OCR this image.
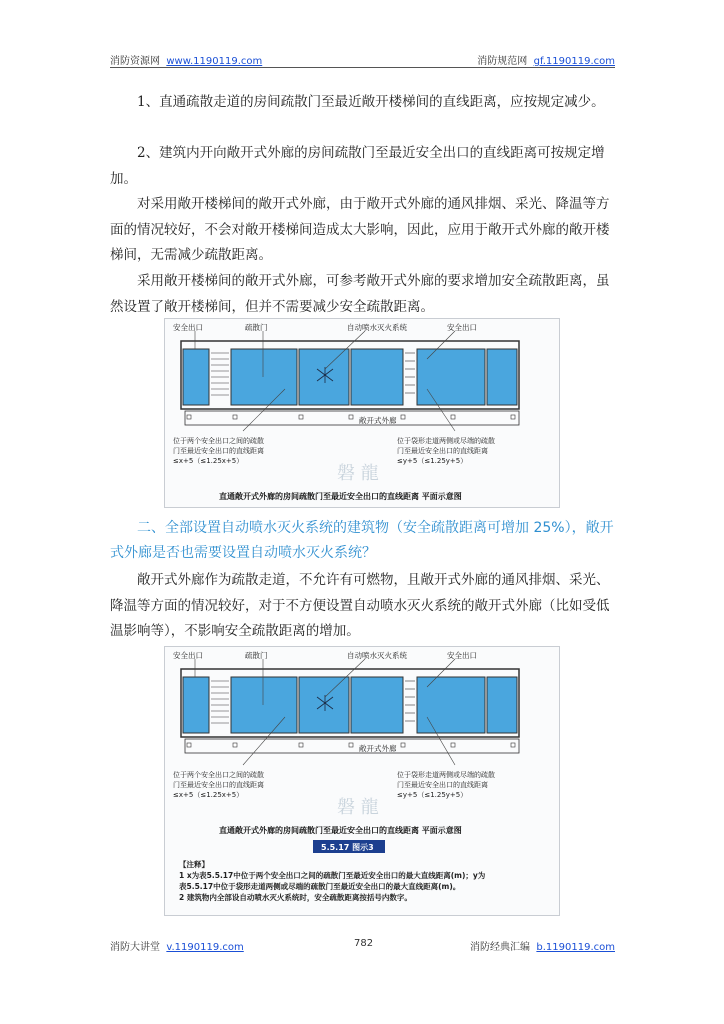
消防资源网 www.1190119.com	消防规范网 gf.1190119.com
1、直通疏散走道的房间疏散门至最近敞开楼梯间的直线距离，应按规定减少。
2、建筑内开向敞开式外廊的房间疏散门至最近安全出口的直线距离可按规定增加。
对采用敞开楼梯间的敞开式外廊，由于敞开式外廊的通风排烟、采光、降温等方面的情况较好，不会对敞开楼梯间造成太大影响，因此，应用于敞开式外廊的敞开楼梯间，无需减少疏散距离。
采用敞开楼梯间的敞开式外廊，可参考敞开式外廊的要求增加安全疏散距离，虽然设置了敞开楼梯间，但并不需要减少安全疏散距离。
安全出口	疏散门	自动喷水灭火系统	安全出口
敞开式外廊
位于两个安全出口之间的疏散
门至最近安全出口的直线距离
≤x+5（≤1.25x+5）
位于袋形走道两侧或尽端的疏散
门至最近安全出口的直线距离
≤y+5（≤1.25y+5）
磐 龍
直通敞开式外廊的房间疏散门至最近安全出口的直线距离 平面示意图
二、全部设置自动喷水灭火系统的建筑物（安全疏散距离可增加 25%），敞开式外廊是否也需要设置自动喷水灭火系统？
敞开式外廊作为疏散走道，不允许有可燃物，且敞开式外廊的通风排烟、采光、降温等方面的情况较好，对于不方便设置自动喷水灭火系统的敞开式外廊（比如受低温影响等），不影响安全疏散距离的增加。
安全出口	疏散门	自动喷水灭火系统	安全出口
敞开式外廊
位于两个安全出口之间的疏散
门至最近安全出口的直线距离
≤x+5（≤1.25x+5）
位于袋形走道两侧或尽端的疏散
门至最近安全出口的直线距离
≤y+5（≤1.25y+5）
磐 龍
直通敞开式外廊的房间疏散门至最近安全出口的直线距离 平面示意图
5.5.17 图示3
【注释】
1 x为表5.5.17中位于两个安全出口之间的疏散门至最近安全出口的最大直线距离(m)；y为
表5.5.17中位于袋形走道两侧或尽端的疏散门至最近安全出口的最大直线距离(m)。
2 建筑物内全部设自动喷水灭火系统时，安全疏散距离按括号内数字。
消防大讲堂 v.1190119.com	782	消防经典汇编 b.1190119.com
